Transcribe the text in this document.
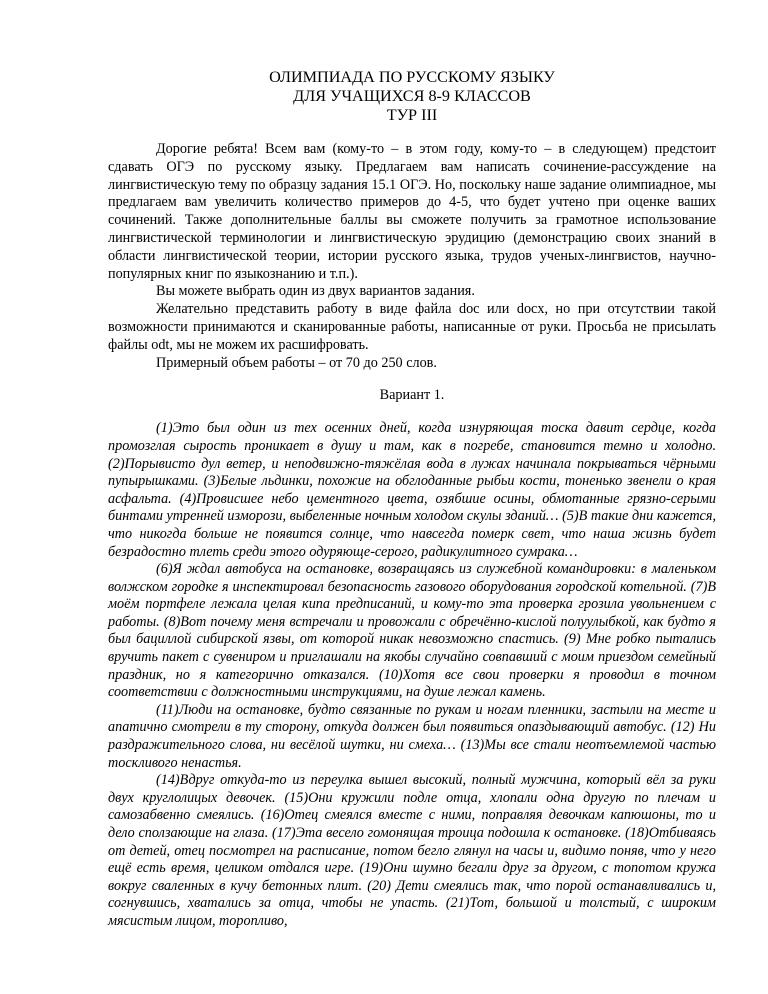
ОЛИМПИАДА ПО РУССКОМУ ЯЗЫКУ
ДЛЯ УЧАЩИХСЯ 8-9 КЛАССОВ
ТУР III

Дорогие ребята! Всем вам (кому-то – в этом году, кому-то – в следующем) предстоит сдавать ОГЭ по русскому языку. Предлагаем вам написать сочинение-рассуждение на лингвистическую тему по образцу задания 15.1 ОГЭ. Но, поскольку наше задание олимпиадное, мы предлагаем вам увеличить количество примеров до 4-5, что будет учтено при оценке ваших сочинений. Также дополнительные баллы вы сможете получить за грамотное использование лингвистической терминологии и лингвистическую эрудицию (демонстрацию своих знаний в области лингвистической теории, истории русского языка, трудов ученых-лингвистов, научно-популярных книг по языкознанию и т.п.).

Вы можете выбрать один из двух вариантов задания.

Желательно представить работу в виде файла doc или docx, но при отсутствии такой возможности принимаются и сканированные работы, написанные от руки. Просьба не присылать файлы odt, мы не можем их расшифровать.

Примерный объем работы – от 70 до 250 слов.

Вариант 1.

(1)Это был один из тех осенних дней, когда изнуряющая тоска давит сердце, когда промозглая сырость проникает в душу и там, как в погребе, становится темно и холодно. (2)Порывисто дул ветер, и неподвижно-тяжёлая вода в лужах начинала покрываться чёрными пупырышками. (3)Белые льдинки, похожие на обглоданные рыбьи кости, тоненько звенели о края асфальта. (4)Провисшее небо цементного цвета, озябшие осины, обмотанные грязно-серыми бинтами утренней изморози, выбеленные ночным холодом скулы зданий… (5)В такие дни кажется, что никогда больше не появится солнце, что навсегда померк свет, что наша жизнь будет безрадостно тлеть среди этого одуряюще-серого, радикулитного сумрака…

(6)Я ждал автобуса на остановке, возвращаясь из служебной командировки: в маленьком волжском городке я инспектировал безопасность газового оборудования городской котельной. (7)В моём портфеле лежала целая кипа предписаний, и кому-то эта проверка грозила увольнением с работы. (8)Вот почему меня встречали и провожали с обречённо-кислой полуулыбкой, как будто я был бациллой сибирской язвы, от которой никак невозможно спастись. (9) Мне робко пытались вручить пакет с сувениром и приглашали на якобы случайно совпавший с моим приездом семейный праздник, но я категорично отказался. (10)Хотя все свои проверки я проводил в точном соответствии с должностными инструкциями, на душе лежал камень.

(11)Люди на остановке, будто связанные по рукам и ногам пленники, застыли на месте и апатично смотрели в ту сторону, откуда должен был появиться опаздывающий автобус. (12) Ни раздражительного слова, ни весёлой шутки, ни смеха… (13)Мы все стали неотъемлемой частью тоскливого ненастья.

(14)Вдруг откуда-то из переулка вышел высокий, полный мужчина, который вёл за руки двух круглолицых девочек. (15)Они кружили подле отца, хлопали одна другую по плечам и самозабвенно смеялись. (16)Отец смеялся вместе с ними, поправляя девочкам капюшоны, то и дело сползающие на глаза. (17)Эта весело гомонящая троица подошла к остановке. (18)Отбиваясь от детей, отец посмотрел на расписание, потом бегло глянул на часы и, видимо поняв, что у него ещё есть время, целиком отдался игре. (19)Они шумно бегали друг за другом, с топотом кружа вокруг сваленных в кучу бетонных плит. (20) Дети смеялись так, что порой останавливались и, согнувшись, хватались за отца, чтобы не упасть. (21)Тот, большой и толстый, с широким мясистым лицом, торопливо,
